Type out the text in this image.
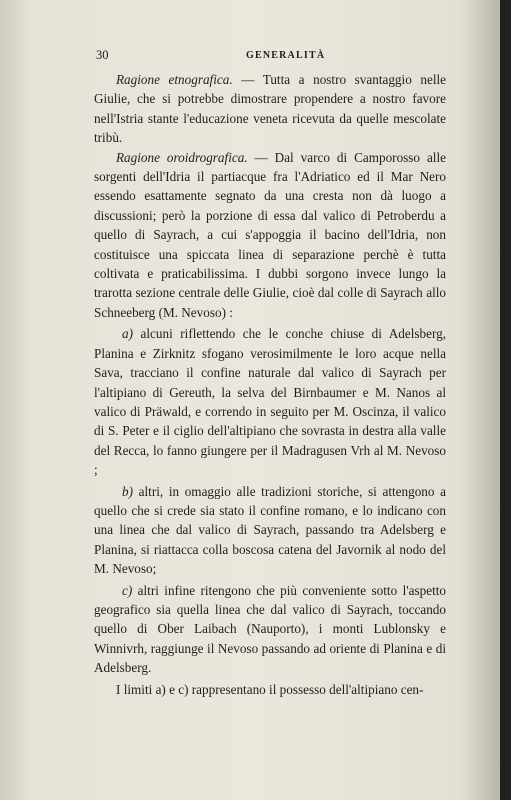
30	GENERALITÀ

Ragione etnografica. — Tutta a nostro svantaggio nelle Giulie, che si potrebbe dimostrare propendere a nostro favore nell'Istria stante l'educazione veneta ricevuta da quelle mescolate tribù.

Ragione oroidrografica. — Dal varco di Camporosso alle sorgenti dell'Idria il partiacque fra l'Adriatico ed il Mar Nero essendo esattamente segnato da una cresta non dà luogo a discussioni; però la porzione di essa dal valico di Petroberdu a quello di Sayrach, a cui s'appoggia il bacino dell'Idria, non costituisce una spiccata linea di separazione perchè è tutta coltivata e praticabilissima. I dubbi sorgono invece lungo la trarotta sezione centrale delle Giulie, cioè dal colle di Sayrach allo Schneeberg (M. Nevoso) :

a) alcuni riflettendo che le conche chiuse di Adelsberg, Planina e Zirknitz sfogano verosimilmente le loro acque nella Sava, tracciano il confine naturale dal valico di Sayrach per l'altipiano di Gereuth, la selva del Birnbaumer e M. Nanos al valico di Präwald, e correndo in seguito per M. Oscinza, il valico di S. Peter e il ciglio dell'altipiano che sovrasta in destra alla valle del Recca, lo fanno giungere per il Madragusen Vrh al M. Nevoso ;

b) altri, in omaggio alle tradizioni storiche, si attengono a quello che si crede sia stato il confine romano, e lo indicano con una linea che dal valico di Sayrach, passando tra Adelsberg e Planina, si riattacca colla boscosa catena del Javornik al nodo del M. Nevoso;

c) altri infine ritengono che più conveniente sotto l'aspetto geografico sia quella linea che dal valico di Sayrach, toccando quello di Ober Laibach (Nauporto), i monti Lublonsky e Winnivrh, raggiunge il Nevoso passando ad oriente di Planina e di Adelsberg.

I limiti a) e c) rappresentano il possesso dell'altipiano cen-
